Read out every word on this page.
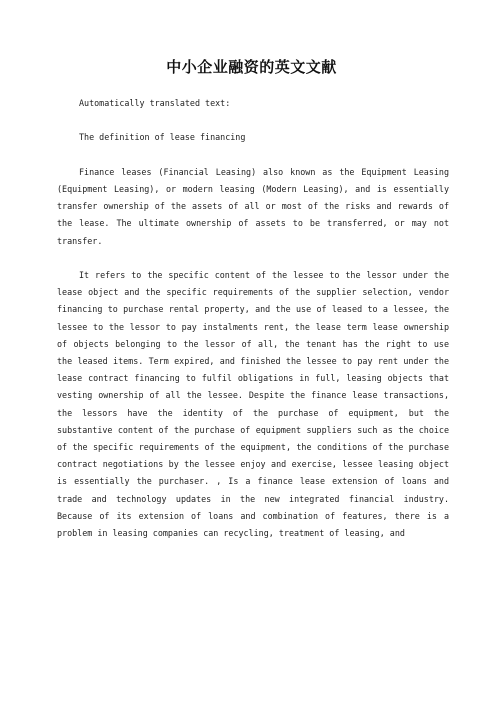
中小企业融资的英文文献

Automatically translated text:

The definition of lease financing

Finance leases (Financial Leasing) also known as the Equipment Leasing (Equipment Leasing), or modern leasing (Modern Leasing), and is essentially transfer ownership of the assets of all or most of the risks and rewards of the lease. The ultimate ownership of assets to be transferred, or may not transfer.

It refers to the specific content of the lessee to the lessor under the lease object and the specific requirements of the supplier selection, vendor financing to purchase rental property, and the use of leased to a lessee, the lessee to the lessor to pay instalments rent, the lease term lease ownership of objects belonging to the lessor of all, the tenant has the right to use the leased items. Term expired, and finished the lessee to pay rent under the lease contract financing to fulfil obligations in full, leasing objects that vesting ownership of all the lessee. Despite the finance lease transactions, the lessors have the identity of the purchase of equipment, but the substantive content of the purchase of equipment suppliers such as the choice of the specific requirements of the equipment, the conditions of the purchase contract negotiations by the lessee enjoy and exercise, lessee leasing object is essentially the purchaser. , Is a finance lease extension of loans and trade and technology updates in the new integrated financial industry. Because of its extension of loans and combination of features, there is a problem in leasing companies can recycling, treatment of leasing, and
